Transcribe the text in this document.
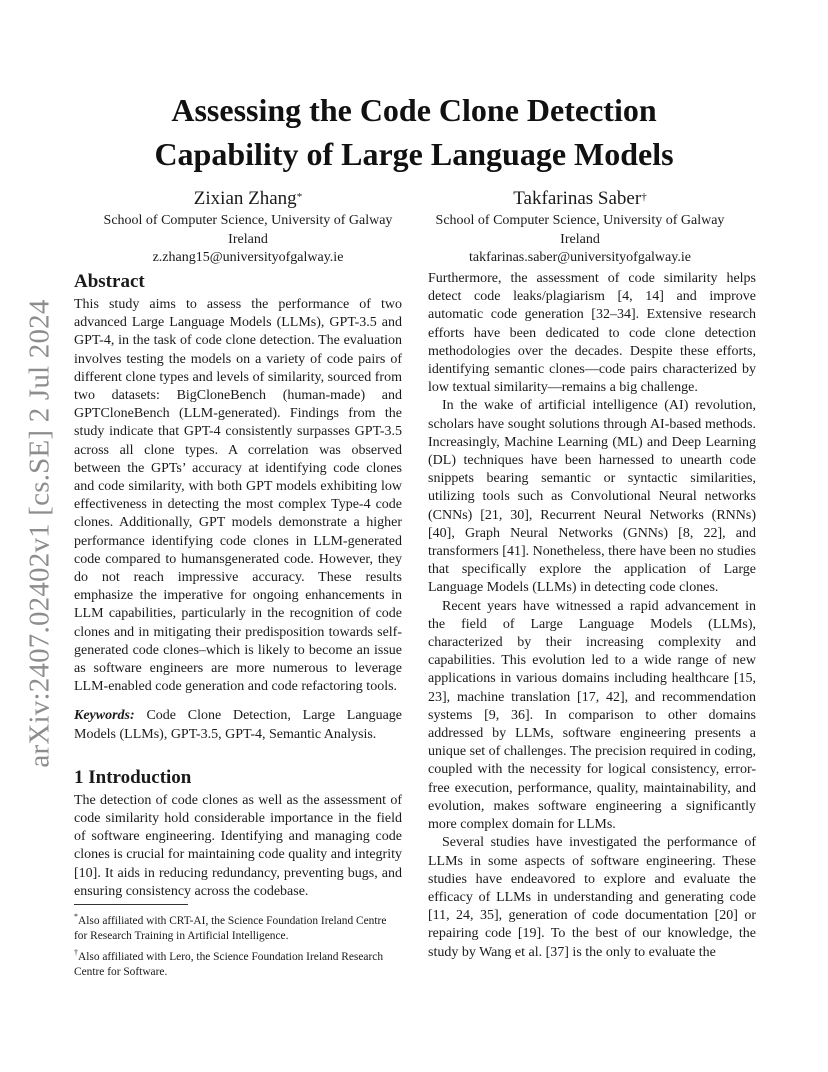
arXiv:2407.02402v1 [cs.SE] 2 Jul 2024
Assessing the Code Clone Detection
Capability of Large Language Models
Zixian Zhang*
School of Computer Science, University of Galway
Ireland
z.zhang15@universityofgalway.ie
Takfarinas Saber†
School of Computer Science, University of Galway
Ireland
takfarinas.saber@universityofgalway.ie
Abstract

This study aims to assess the performance of two advanced Large Language Models (LLMs), GPT-3.5 and GPT-4, in the task of code clone detection. The evaluation involves testing the models on a variety of code pairs of different clone types and levels of similarity, sourced from two datasets: BigCloneBench (human-made) and GPTCloneBench (LLM-generated). Findings from the study indicate that GPT-4 consistently surpasses GPT-3.5 across all clone types. A correlation was observed between the GPTs’ accuracy at identifying code clones and code similarity, with both GPT models exhibiting low effectiveness in detecting the most complex Type-4 code clones. Additionally, GPT models demonstrate a higher performance identifying code clones in LLM-generated code compared to humansgenerated code. However, they do not reach impressive accuracy. These results emphasize the imperative for ongoing enhancements in LLM capabilities, particularly in the recognition of code clones and in mitigating their predisposition towards self-generated code clones–which is likely to become an issue as software engineers are more numerous to leverage LLM-enabled code generation and code refactoring tools.

Keywords: Code Clone Detection, Large Language Models (LLMs), GPT-3.5, GPT-4, Semantic Analysis.

1 Introduction

The detection of code clones as well as the assessment of code similarity hold considerable importance in the field of software engineering. Identifying and managing code clones is crucial for maintaining code quality and integrity [10]. It aids in reducing redundancy, preventing bugs, and ensuring consistency across the codebase.

Furthermore, the assessment of code similarity helps detect code leaks/plagiarism [4, 14] and improve automatic code generation [32–34]. Extensive research efforts have been dedicated to code clone detection methodologies over the decades. Despite these efforts, identifying semantic clones—code pairs characterized by low textual similarity—remains a big challenge.

In the wake of artificial intelligence (AI) revolution, scholars have sought solutions through AI-based methods. Increasingly, Machine Learning (ML) and Deep Learning (DL) techniques have been harnessed to unearth code snippets bearing semantic or syntactic similarities, utilizing tools such as Convolutional Neural networks (CNNs) [21, 30], Recurrent Neural Networks (RNNs) [40], Graph Neural Networks (GNNs) [8, 22], and transformers [41]. Nonetheless, there have been no studies that specifically explore the application of Large Language Models (LLMs) in detecting code clones.

Recent years have witnessed a rapid advancement in the field of Large Language Models (LLMs), characterized by their increasing complexity and capabilities. This evolution led to a wide range of new applications in various domains including healthcare [15, 23], machine translation [17, 42], and recommendation systems [9, 36]. In comparison to other domains addressed by LLMs, software engineering presents a unique set of challenges. The precision required in coding, coupled with the necessity for logical consistency, error-free execution, performance, quality, maintainability, and evolution, makes software engineering a significantly more complex domain for LLMs.

Several studies have investigated the performance of LLMs in some aspects of software engineering. These studies have endeavored to explore and evaluate the efficacy of LLMs in understanding and generating code [11, 24, 35], generation of code documentation [20] or repairing code [19]. To the best of our knowledge, the study by Wang et al. [37] is the only to evaluate the

*Also affiliated with CRT-AI, the Science Foundation Ireland Centre for Research Training in Artificial Intelligence.

†Also affiliated with Lero, the Science Foundation Ireland Research Centre for Software.
